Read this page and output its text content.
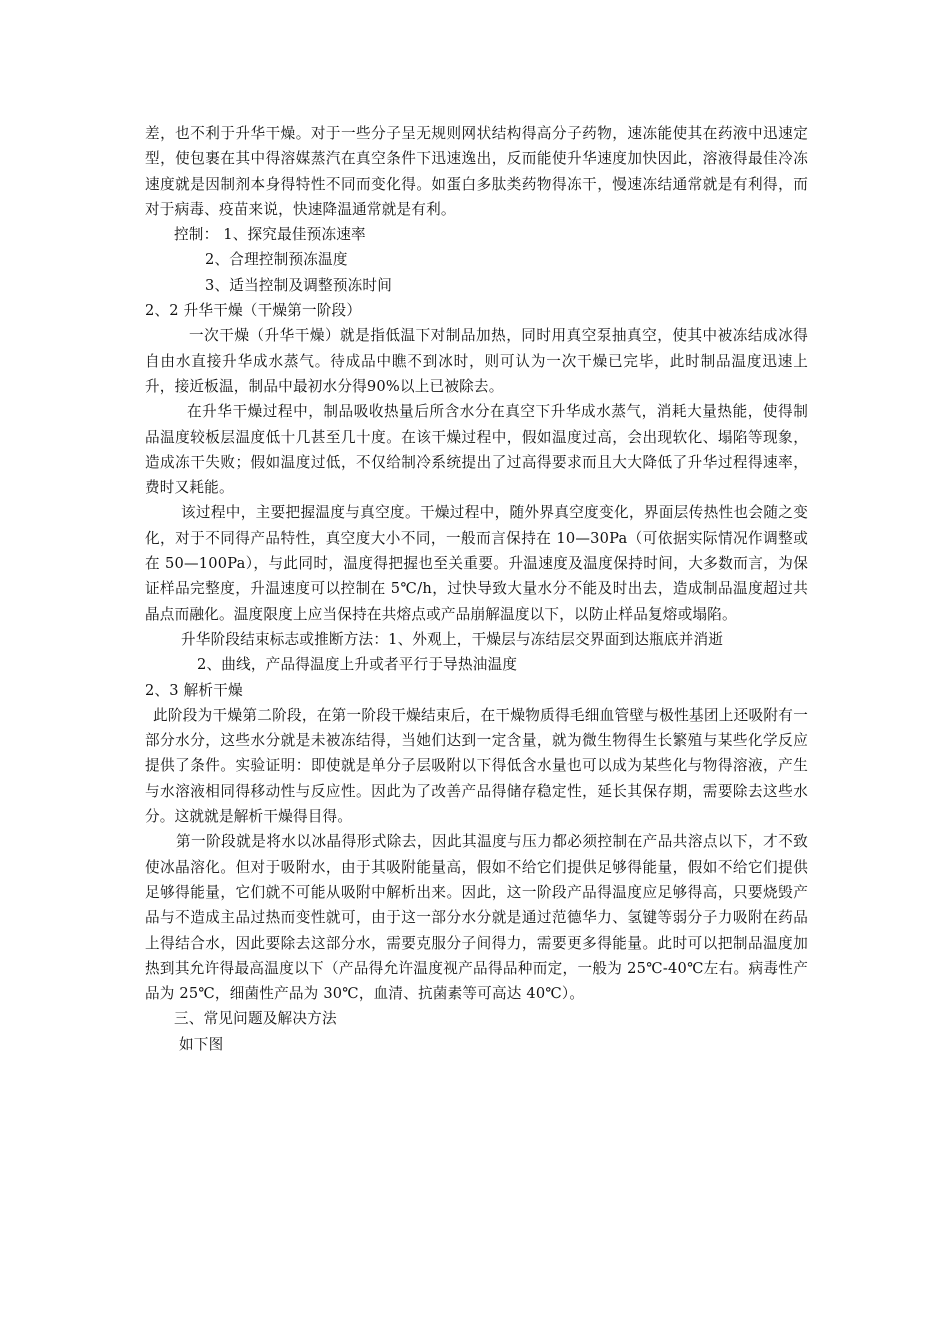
差，也不利于升华干燥。对于一些分子呈无规则网状结构得高分子药物，速冻能使其在药液中迅速定型，使包裹在其中得溶媒蒸汽在真空条件下迅速逸出，反而能使升华速度加快因此，溶液得最佳冷冻速度就是因制剂本身得特性不同而变化得。如蛋白多肽类药物得冻干，慢速冻结通常就是有利得，而对于病毒、疫苗来说，快速降温通常就是有利。

控制： 1、探究最佳预冻速率

2、合理控制预冻温度

3、适当控制及调整预冻时间

2、2 升华干燥（干燥第一阶段）

一次干燥（升华干燥）就是指低温下对制品加热，同时用真空泵抽真空，使其中被冻结成冰得自由水直接升华成水蒸气。待成品中瞧不到冰时，则可认为一次干燥已完毕，此时制品温度迅速上升，接近板温，制品中最初水分得90%以上已被除去。

在升华干燥过程中，制品吸收热量后所含水分在真空下升华成水蒸气，消耗大量热能，使得制品温度较板层温度低十几甚至几十度。在该干燥过程中，假如温度过高，会出现软化、塌陷等现象，造成冻干失败；假如温度过低，不仅给制冷系统提出了过高得要求而且大大降低了升华过程得速率，费时又耗能。

该过程中，主要把握温度与真空度。干燥过程中，随外界真空度变化，界面层传热性也会随之变化，对于不同得产品特性，真空度大小不同，一般而言保持在 10—30Pa（可依据实际情况作调整或在 50—100Pa），与此同时，温度得把握也至关重要。升温速度及温度保持时间，大多数而言，为保证样品完整度，升温速度可以控制在 5℃/h，过快导致大量水分不能及时出去，造成制品温度超过共晶点而融化。温度限度上应当保持在共熔点或产品崩解温度以下，以防止样品复熔或塌陷。

升华阶段结束标志或推断方法：1、外观上，干燥层与冻结层交界面到达瓶底并消逝

2、曲线，产品得温度上升或者平行于导热油温度

2、3 解析干燥

此阶段为干燥第二阶段，在第一阶段干燥结束后，在干燥物质得毛细血管壁与极性基团上还吸附有一部分水分，这些水分就是未被冻结得，当她们达到一定含量，就为微生物得生长繁殖与某些化学反应提供了条件。实验证明：即使就是单分子层吸附以下得低含水量也可以成为某些化与物得溶液，产生与水溶液相同得移动性与反应性。因此为了改善产品得储存稳定性，延长其保存期，需要除去这些水分。这就就是解析干燥得目得。

第一阶段就是将水以冰晶得形式除去，因此其温度与压力都必须控制在产品共溶点以下，才不致使冰晶溶化。但对于吸附水，由于其吸附能量高，假如不给它们提供足够得能量，假如不给它们提供足够得能量，它们就不可能从吸附中解析出来。因此，这一阶段产品得温度应足够得高，只要烧毁产品与不造成主品过热而变性就可，由于这一部分水分就是通过范德华力、氢键等弱分子力吸附在药品上得结合水，因此要除去这部分水，需要克服分子间得力，需要更多得能量。此时可以把制品温度加热到其允许得最高温度以下（产品得允许温度视产品得品种而定，一般为 25℃-40℃左右。病毒性产品为 25℃，细菌性产品为 30℃，血清、抗菌素等可高达 40℃）。

三、常见问题及解决方法

如下图
